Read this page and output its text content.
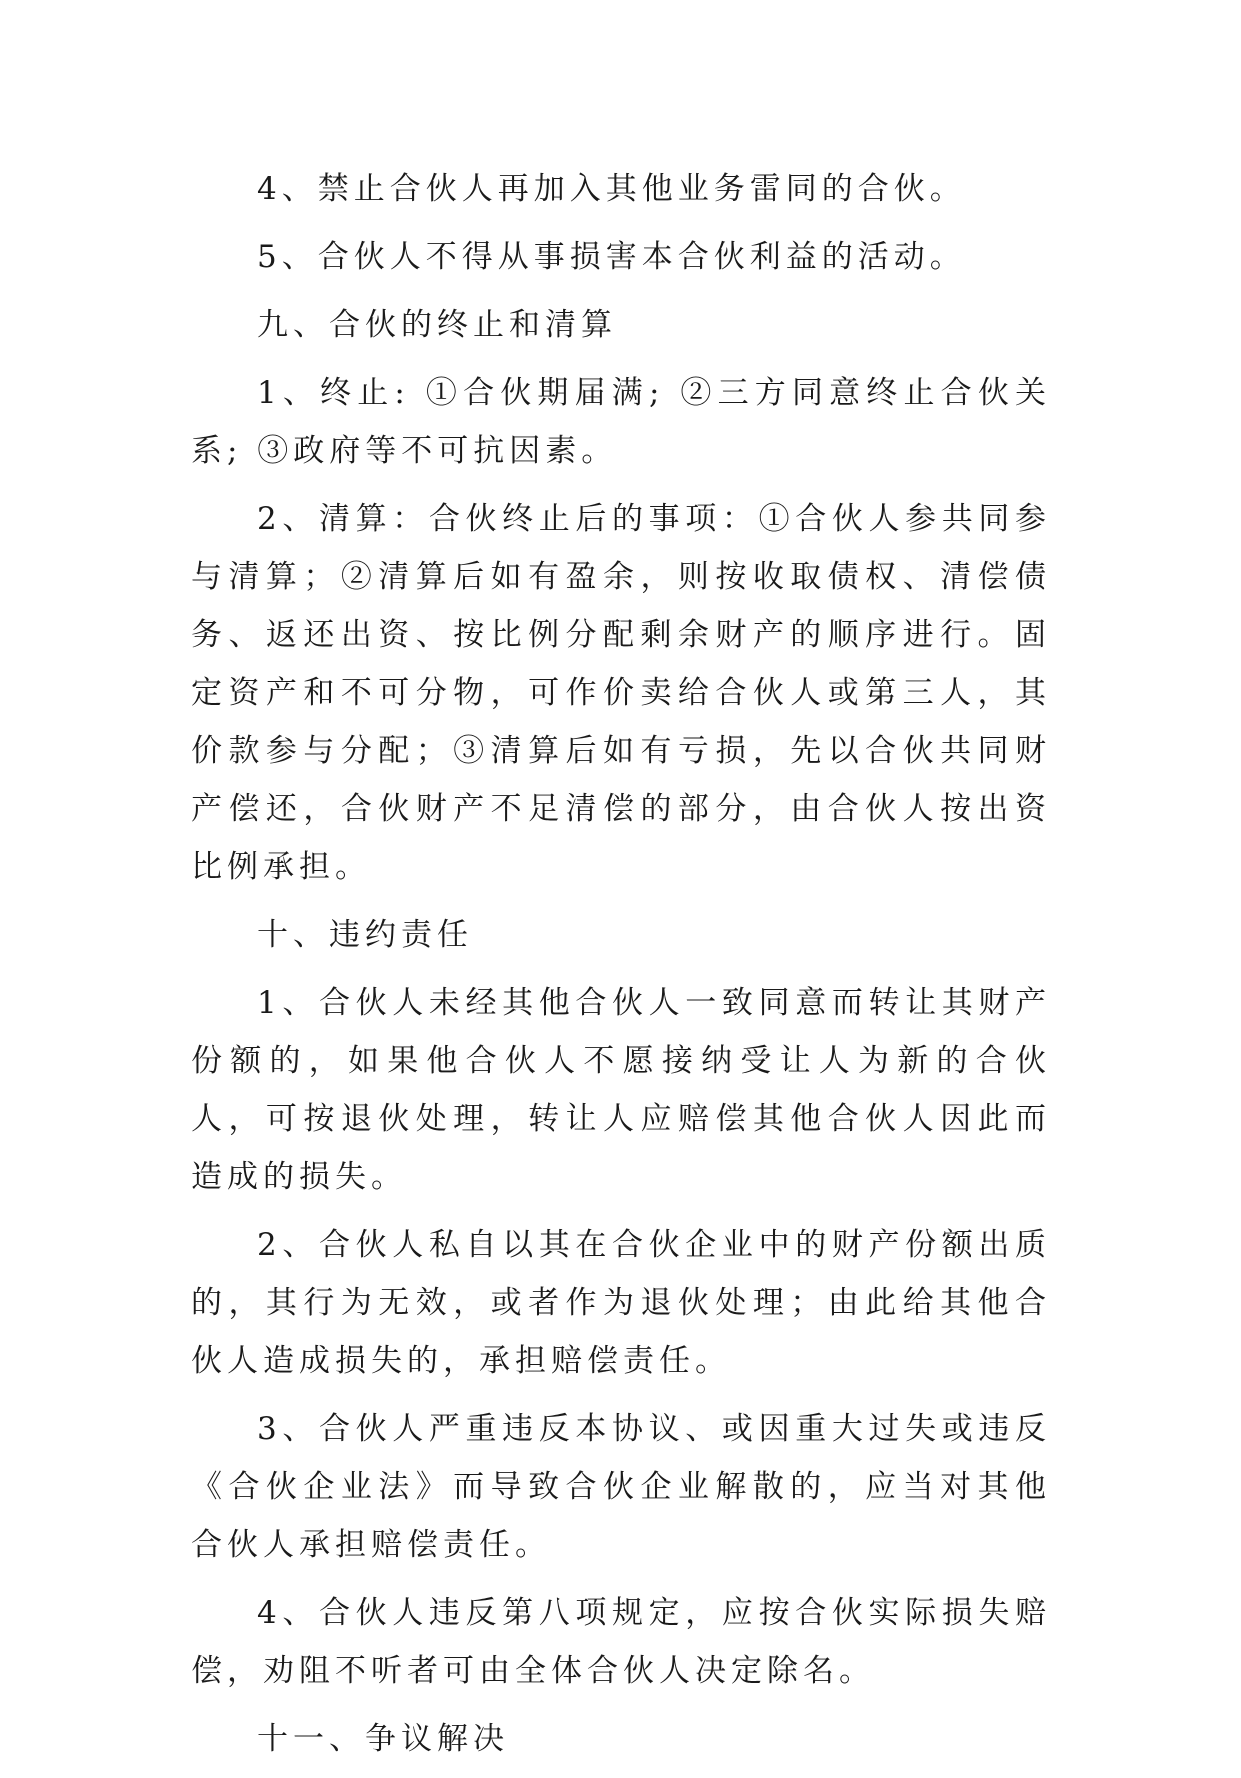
4、禁止合伙人再加入其他业务雷同的合伙。

5、合伙人不得从事损害本合伙利益的活动。

九、合伙的终止和清算

1、终止: ①合伙期届满; ②三方同意终止合伙关系; ③政府等不可抗因素。

2、清算：合伙终止后的事项：①合伙人参共同参与清算；②清算后如有盈余，则按收取债权、清偿债务、返还出资、按比例分配剩余财产的顺序进行。固定资产和不可分物，可作价卖给合伙人或第三人，其价款参与分配；③清算后如有亏损，先以合伙共同财产偿还，合伙财产不足清偿的部分，由合伙人按出资比例承担。

十、违约责任

1、合伙人未经其他合伙人一致同意而转让其财产份额的，如果他合伙人不愿接纳受让人为新的合伙人，可按退伙处理，转让人应赔偿其他合伙人因此而造成的损失。

2、合伙人私自以其在合伙企业中的财产份额出质的，其行为无效，或者作为退伙处理；由此给其他合伙人造成损失的，承担赔偿责任。

3、合伙人严重违反本协议、或因重大过失或违反《合伙企业法》而导致合伙企业解散的，应当对其他合伙人承担赔偿责任。

4、合伙人违反第八项规定，应按合伙实际损失赔偿，劝阻不听者可由全体合伙人决定除名。

十一、争议解决
